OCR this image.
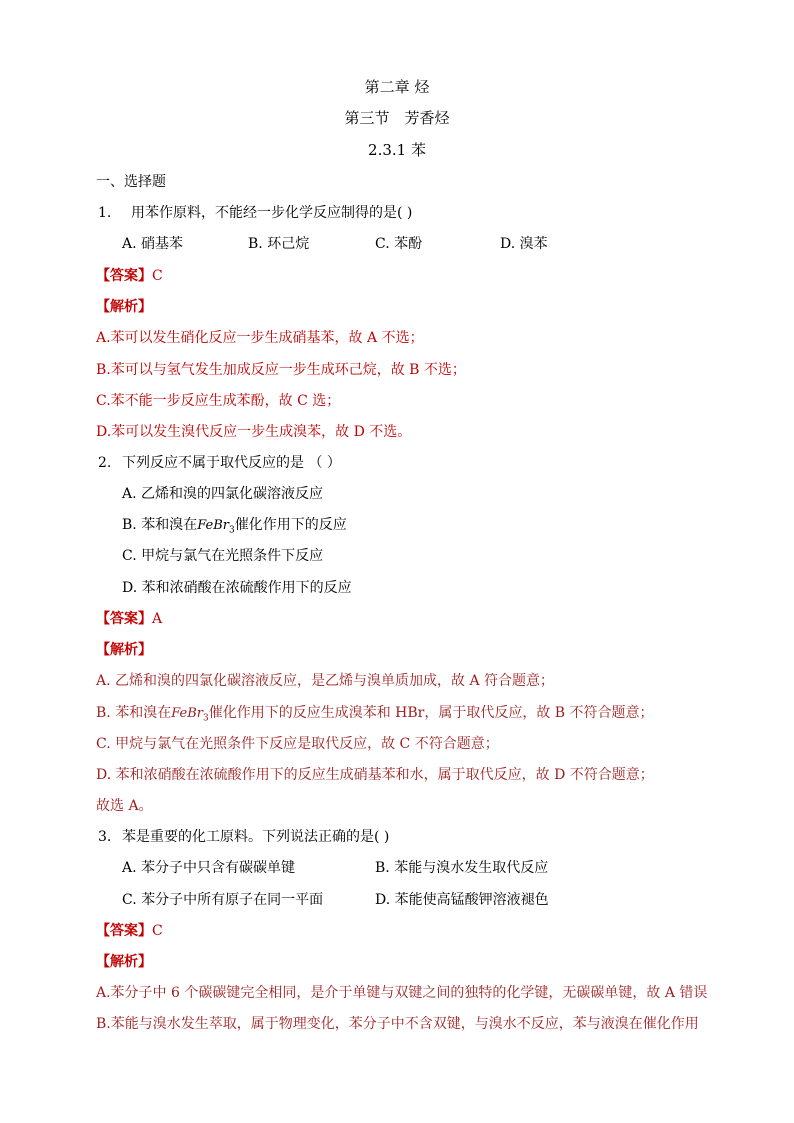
第二章 烃
第三节　芳香烃
2.3.1 苯
一、选择题
1. 用苯作原料，不能经一步化学反应制得的是( )
A. 硝基苯	B. 环己烷	C. 苯酚	D. 溴苯
【答案】C
【解析】
A.苯可以发生硝化反应一步生成硝基苯，故 A 不选；
B.苯可以与氢气发生加成反应一步生成环己烷，故 B 不选；
C.苯不能一步反应生成苯酚，故 C 选；
D.苯可以发生溴代反应一步生成溴苯，故 D 不选。
2. 下列反应不属于取代反应的是 （ ）
A. 乙烯和溴的四氯化碳溶液反应
B. 苯和溴在FeBr$_3$催化作用下的反应
C. 甲烷与氯气在光照条件下反应
D. 苯和浓硝酸在浓硫酸作用下的反应
【答案】A
【解析】
A. 乙烯和溴的四氯化碳溶液反应，是乙烯与溴单质加成，故 A 符合题意；
B. 苯和溴在FeBr$_3$催化作用下的反应生成溴苯和 HBr，属于取代反应，故 B 不符合题意；
C. 甲烷与氯气在光照条件下反应是取代反应，故 C 不符合题意；
D. 苯和浓硝酸在浓硫酸作用下的反应生成硝基苯和水，属于取代反应，故 D 不符合题意；
故选 A。
3. 苯是重要的化工原料。下列说法正确的是( )
A. 苯分子中只含有碳碳单键	B. 苯能与溴水发生取代反应
C. 苯分子中所有原子在同一平面	D. 苯能使高锰酸钾溶液褪色
【答案】C
【解析】
A.苯分子中 6 个碳碳键完全相同，是介于单键与双键之间的独特的化学键，无碳碳单键，故 A 错误
B.苯能与溴水发生萃取，属于物理变化，苯分子中不含双键，与溴水不反应，苯与液溴在催化作用
